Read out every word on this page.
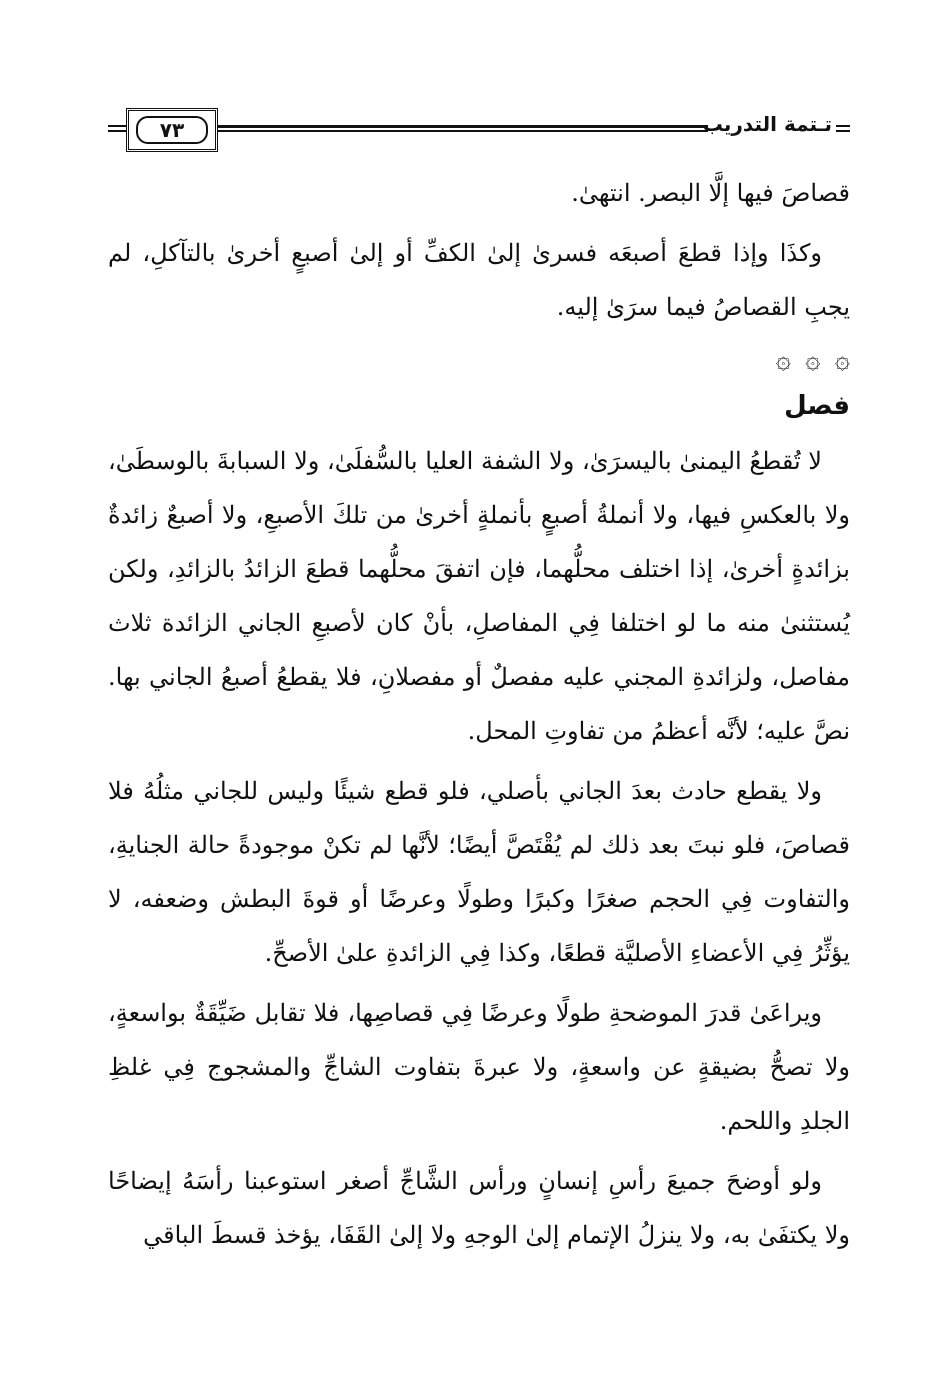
٧٣	تـتمة التدريب

قصاصَ فيها إلَّا البصر. انتهىٰ.

وكذَا وإذا قطعَ أصبعَه فسرىٰ إلىٰ الكفِّ أو إلىٰ أصبعٍ أخرىٰ بالتآكلِ، لم يجبِ القصاصُ فيما سرَىٰ إليه.

۞ ۞ ۞
فصل

لا تُقطعُ اليمنىٰ باليسرَىٰ، ولا الشفة العليا بالسُّفلَىٰ، ولا السبابةَ بالوسطَىٰ، ولا بالعكسِ فيها، ولا أنملةُ أصبعٍ بأنملةٍ أخرىٰ من تلكَ الأصبعِ، ولا أصبعٌ زائدةٌ بزائدةٍ أخرىٰ، إذا اختلف محلُّهما، فإن اتفقَ محلُّهما قطعَ الزائدُ بالزائدِ، ولكن يُستثنىٰ منه ما لو اختلفا فِي المفاصلِ، بأنْ كان لأصبعِ الجاني الزائدة ثلاث مفاصل، ولزائدةِ المجني عليه مفصلٌ أو مفصلانِ، فلا يقطعُ أصبعُ الجاني بها. نصَّ عليه؛ لأنَّه أعظمُ من تفاوتِ المحل.

ولا يقطع حادث بعدَ الجاني بأصلي، فلو قطع شيئًا وليس للجاني مثلُهُ فلا قصاصَ، فلو نبتَ بعد ذلك لم يُقْتَصَّ أيضًا؛ لأنَّها لم تكنْ موجودةً حالة الجنايةِ، والتفاوت فِي الحجم صغرًا وكبرًا وطولًا وعرضًا أو قوةَ البطش وضعفه، لا يؤثِّرُ فِي الأعضاءِ الأصليَّة قطعًا، وكذا فِي الزائدةِ علىٰ الأصحِّ.

ويراعَىٰ قدرَ الموضحةِ طولًا وعرضًا فِي قصاصِها، فلا تقابل ضَيِّقَةٌ بواسعةٍ، ولا تصحُّ بضيقةٍ عن واسعةٍ، ولا عبرةَ بتفاوت الشاجِّ والمشجوج فِي غلظِ الجلدِ واللحم.

ولو أوضحَ جميعَ رأسِ إنسانٍ ورأس الشَّاجِّ أصغر استوعبنا رأسَهُ إيضاحًا ولا يكتفَىٰ به، ولا ينزلُ الإتمام إلىٰ الوجهِ ولا إلىٰ القَفَا، يؤخذ قسطَ الباقي
